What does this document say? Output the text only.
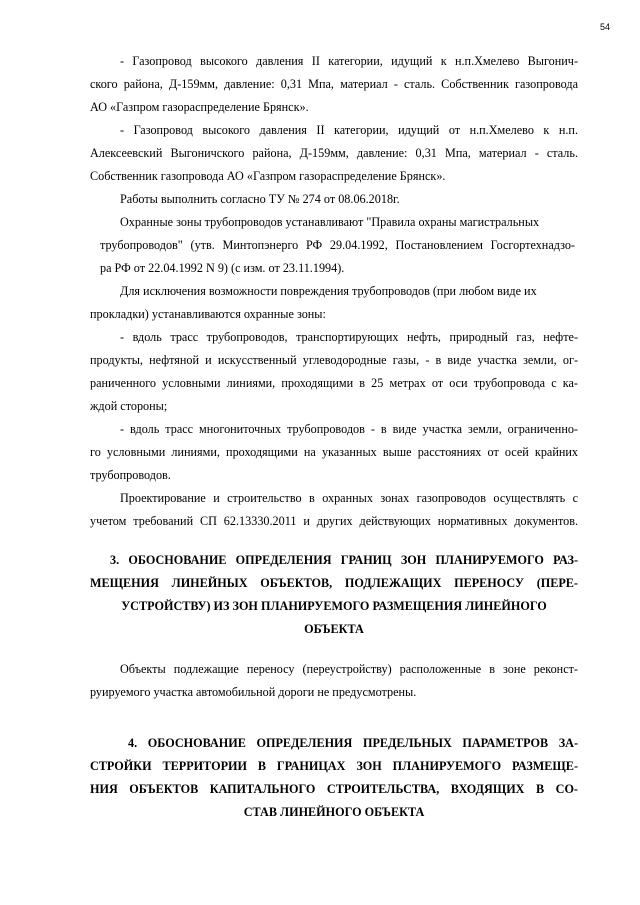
54
- Газопровод высокого давления II категории, идущий к н.п.Хмелево Выгонич-
ского района, Д-159мм, давление: 0,31 Мпа, материал - сталь. Собственник газопровода
АО «Газпром газораспределение Брянск».
- Газопровод высокого давления II категории, идущий от н.п.Хмелево к н.п.
Алексеевский Выгоничского района, Д-159мм, давление: 0,31 Мпа, материал - сталь.
Собственник газопровода АО «Газпром газораспределение Брянск».
Работы выполнить согласно ТУ № 274 от 08.06.2018г.
Охранные зоны трубопроводов устанавливают "Правила охраны магистральных
трубопроводов" (утв. Минтопэнерго РФ 29.04.1992, Постановлением Госгортехнадзо-
ра РФ от 22.04.1992 N 9) (с изм. от 23.11.1994).
Для исключения возможности повреждения трубопроводов (при любом виде их
прокладки) устанавливаются охранные зоны:
- вдоль трасс трубопроводов, транспортирующих нефть, природный газ, нефте-
продукты, нефтяной и искусственный углеводородные газы, - в виде участка земли, ог-
раниченного условными линиями, проходящими в 25 метрах от оси трубопровода с ка-
ждой стороны;
- вдоль трасс многониточных трубопроводов - в виде участка земли, ограниченно-
го условными линиями, проходящими на указанных выше расстояниях от осей крайних
трубопроводов.
Проектирование и строительство в охранных зонах газопроводов осуществлять с
учетом требований СП 62.13330.2011 и других действующих нормативных документов.
3. ОБОСНОВАНИЕ ОПРЕДЕЛЕНИЯ ГРАНИЦ ЗОН ПЛАНИРУЕМОГО РАЗ-
МЕЩЕНИЯ ЛИНЕЙНЫХ ОБЪЕКТОВ, ПОДЛЕЖАЩИХ ПЕРЕНОСУ (ПЕРЕ-
УСТРОЙСТВУ) ИЗ ЗОН ПЛАНИРУЕМОГО РАЗМЕЩЕНИЯ ЛИНЕЙНОГО
ОБЪЕКТА
Объекты подлежащие переносу (переустройству) расположенные в зоне реконст-
руируемого участка автомобильной дороги не предусмотрены.
4. ОБОСНОВАНИЕ ОПРЕДЕЛЕНИЯ ПРЕДЕЛЬНЫХ ПАРАМЕТРОВ ЗА-
СТРОЙКИ ТЕРРИТОРИИ В ГРАНИЦАХ ЗОН ПЛАНИРУЕМОГО РАЗМЕЩЕ-
НИЯ ОБЪЕКТОВ КАПИТАЛЬНОГО СТРОИТЕЛЬСТВА, ВХОДЯЩИХ В СО-
СТАВ ЛИНЕЙНОГО ОБЪЕКТА
